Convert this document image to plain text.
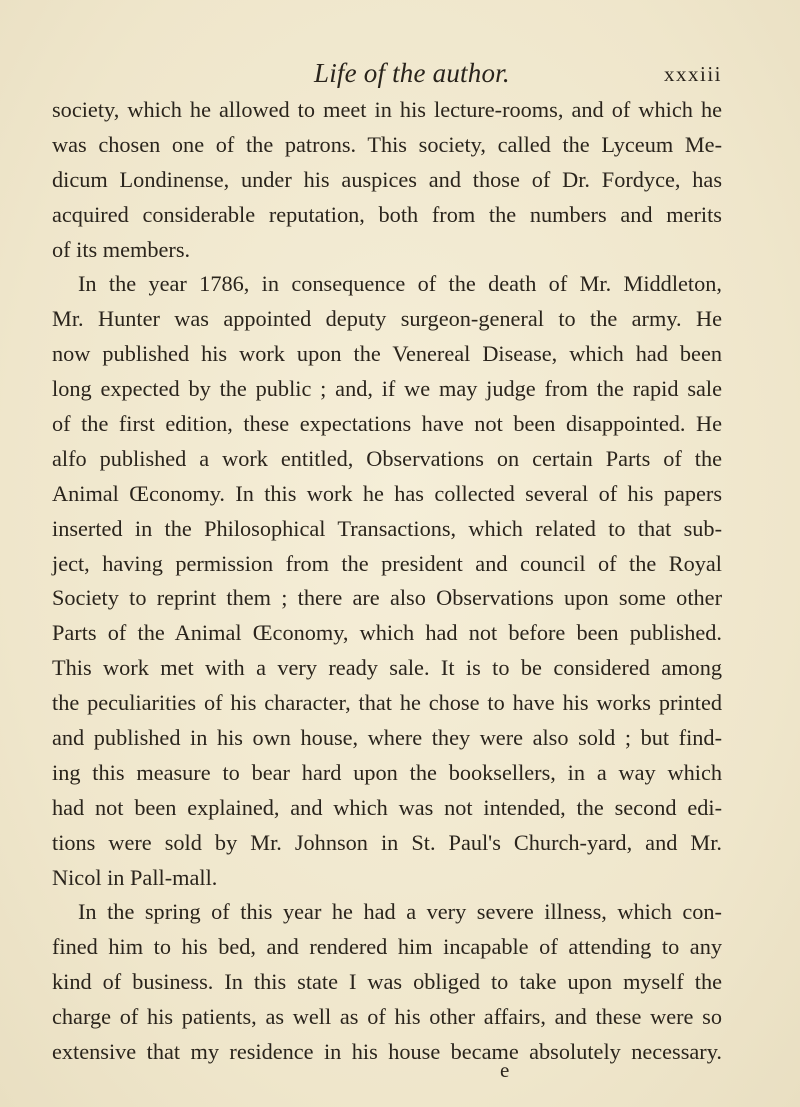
Life of the author.	xxxiii
society, which he allowed to meet in his lecture-rooms, and of which he
was chosen one of the patrons. This society, called the Lyceum Me-
dicum Londinense, under his auspices and those of Dr. Fordyce, has
acquired considerable reputation, both from the numbers and merits
of its members.
In the year 1786, in consequence of the death of Mr. Middleton,
Mr. Hunter was appointed deputy surgeon-general to the army. He
now published his work upon the Venereal Disease, which had been
long expected by the public ; and, if we may judge from the rapid sale
of the first edition, these expectations have not been disappointed. He
alfo published a work entitled, Observations on certain Parts of the
Animal Œconomy. In this work he has collected several of his papers
inserted in the Philosophical Transactions, which related to that sub-
ject, having permission from the president and council of the Royal
Society to reprint them ; there are also Observations upon some other
Parts of the Animal Œconomy, which had not before been published.
This work met with a very ready sale. It is to be considered among
the peculiarities of his character, that he chose to have his works printed
and published in his own house, where they were also sold ; but find-
ing this measure to bear hard upon the booksellers, in a way which
had not been explained, and which was not intended, the second edi-
tions were sold by Mr. Johnson in St. Paul's Church-yard, and Mr.
Nicol in Pall-mall.
In the spring of this year he had a very severe illness, which con-
fined him to his bed, and rendered him incapable of attending to any
kind of business. In this state I was obliged to take upon myself the
charge of his patients, as well as of his other affairs, and these were so
extensive that my residence in his house became absolutely necessary.
e
